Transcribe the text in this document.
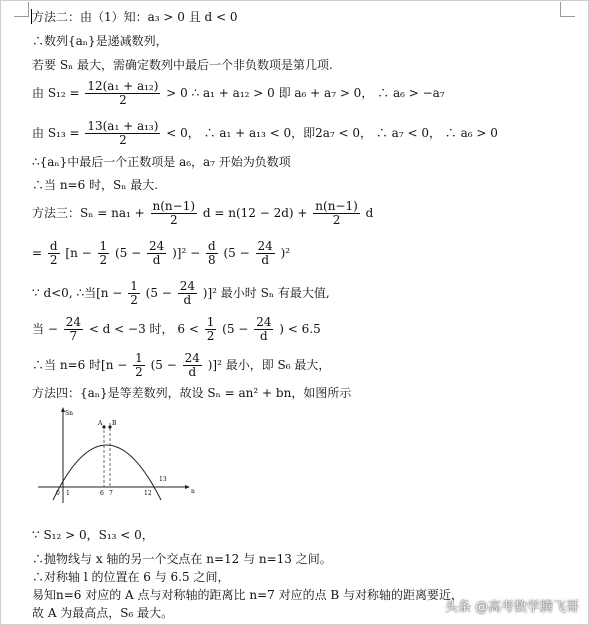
方法二：由（1）知：a₃ > 0 且 d < 0
∴数列{aₙ}是递减数列，
若要 Sₙ 最大，需确定数列中最后一个非负数项是第几项.
由 $S_{12} = \frac{\text{12(a₁ + a₁₂)}}{2} > 0$ ∴ a₁ + a₁₂ > 0 即 a₆ + a₇ > 0， ∴ a₆ > −a₇
由 $S_{13} = \frac{\text{13(a₁ + a₁₃)}}{2} < 0$， ∴ a₁ + a₁₃ < 0，即2a₇ < 0， ∴ a₇ < 0， ∴ a₆ > 0
∴{aₙ}中最后一个正数项是 a₆，a₇ 开始为负数项
∴当 n=6 时，Sₙ 最大.
方法三：$S_n = na_1 + \frac{n(n-1)}{2}$ $d = n(12 - 2d) + \frac{n(n-1)}{2}$ d
= $\frac{d}{2} [n - \frac{1}{2} (5 - \frac{24}{d} )]^2 - \frac{d}{8} (5 - \frac{24}{d} )^2$
∵ d<0, ∴当$[n - \frac{1}{2} (5 - \frac{24}{d} )]^2$ 最小时 Sₙ 有最大值,
当 − $\frac{24}{7} < d < -3$ 时， $6 < \frac{1}{2} (5 - \frac{24}{d}$ ) < 6.5
∴当 n=6 时$[n - \frac{1}{2} (5 - \frac{24}{d} )]^2$ 最小，即 S₆ 最大，
方法四：{aₙ}是等差数列，故设 Sₙ = an² + bn，如图所示
Sn
n
A B
0 1	6 7	12
13
∵ S₁₂ > 0，S₁₃ < 0，
∴抛物线与 x 轴的另一个交点在 n=12 与 n=13 之间。
∴对称轴 l 的位置在 6 与 6.5 之间，
易知n=6 对应的 A 点与对称轴的距离比 n=7 对应的点 B 与对称轴的距离要近，
故 A 为最高点，S₆ 最大。	头条 @高考数学腾飞哥
